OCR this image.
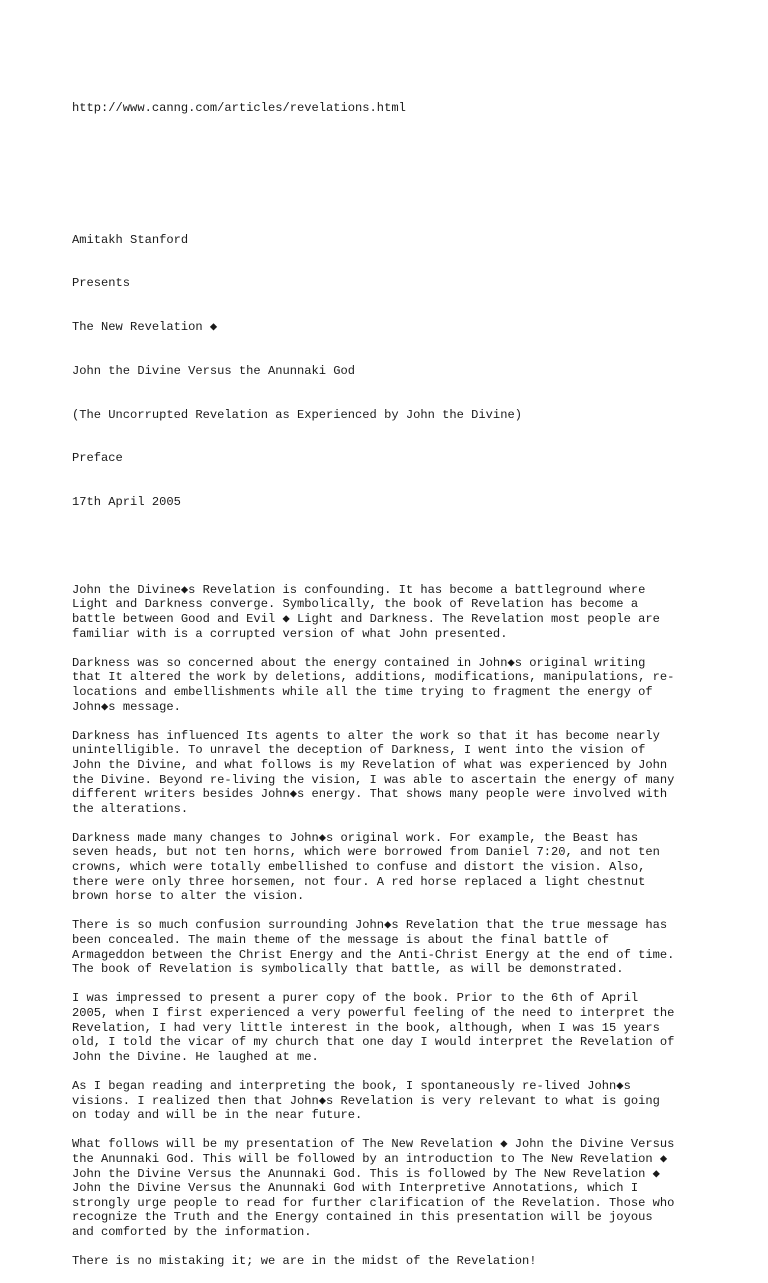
http://www.canng.com/articles/revelations.html

Amitakh Stanford

Presents

The New Revelation ◆

John the Divine Versus the Anunnaki God

(The Uncorrupted Revelation as Experienced by John the Divine)

Preface

17th April 2005

John the Divine◆s Revelation is confounding. It has become a battleground where
Light and Darkness converge. Symbolically, the book of Revelation has become a
battle between Good and Evil ◆ Light and Darkness. The Revelation most people are
familiar with is a corrupted version of what John presented.
Darkness was so concerned about the energy contained in John◆s original writing
that It altered the work by deletions, additions, modifications, manipulations, re-
locations and embellishments while all the time trying to fragment the energy of
John◆s message.
Darkness has influenced Its agents to alter the work so that it has become nearly
unintelligible. To unravel the deception of Darkness, I went into the vision of
John the Divine, and what follows is my Revelation of what was experienced by John
the Divine. Beyond re-living the vision, I was able to ascertain the energy of many
different writers besides John◆s energy. That shows many people were involved with
the alterations.
Darkness made many changes to John◆s original work. For example, the Beast has
seven heads, but not ten horns, which were borrowed from Daniel 7:20, and not ten
crowns, which were totally embellished to confuse and distort the vision. Also,
there were only three horsemen, not four. A red horse replaced a light chestnut
brown horse to alter the vision.
There is so much confusion surrounding John◆s Revelation that the true message has
been concealed. The main theme of the message is about the final battle of
Armageddon between the Christ Energy and the Anti-Christ Energy at the end of time.
The book of Revelation is symbolically that battle, as will be demonstrated.
I was impressed to present a purer copy of the book. Prior to the 6th of April
2005, when I first experienced a very powerful feeling of the need to interpret the
Revelation, I had very little interest in the book, although, when I was 15 years
old, I told the vicar of my church that one day I would interpret the Revelation of
John the Divine. He laughed at me.
As I began reading and interpreting the book, I spontaneously re-lived John◆s
visions. I realized then that John◆s Revelation is very relevant to what is going
on today and will be in the near future.
What follows will be my presentation of The New Revelation ◆ John the Divine Versus
the Anunnaki God. This will be followed by an introduction to The New Revelation ◆
John the Divine Versus the Anunnaki God. This is followed by The New Revelation ◆
John the Divine Versus the Anunnaki God with Interpretive Annotations, which I
strongly urge people to read for further clarification of the Revelation. Those who
recognize the Truth and the Energy contained in this presentation will be joyous
and comforted by the information.
There is no mistaking it; we are in the midst of the Revelation!
